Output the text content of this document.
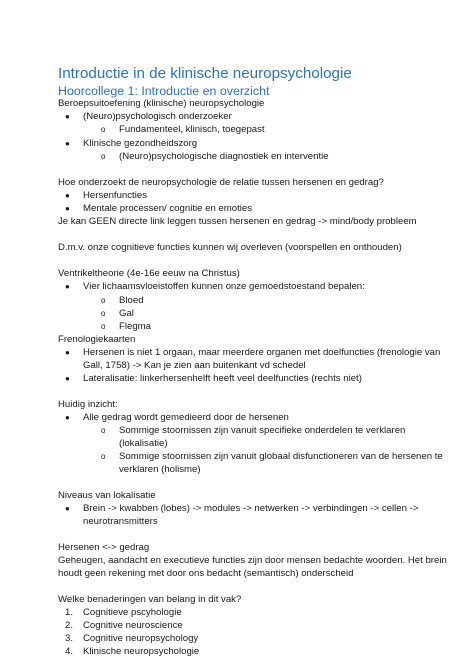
Introductie in de klinische neuropsychologie
Hoorcollege 1: Introductie en overzicht
Beroepsuitoefening (klinische) neuropsychologie
● (Neuro)psychologisch onderzoeker
o Fundamenteel, klinisch, toegepast
● Klinische gezondheidszorg
o (Neuro)psychologische diagnostiek en interventie
Hoe onderzoekt de neuropsychologie de relatie tussen hersenen en gedrag?
● Hersenfuncties
● Mentale processen/ cognitie en emoties
Je kan GEEN directe link leggen tussen hersenen en gedrag -> mind/body probleem
D.m.v. onze cognitieve functies kunnen wij overleven (voorspellen en onthouden)
Ventrikeltheorie (4e-16e eeuw na Christus)
● Vier lichaamsvloeistoffen kunnen onze gemoedstoestand bepalen:
o Bloed
o Gal
o Flegma
Frenologiekaarten
● Hersenen is niet 1 orgaan, maar meerdere organen met doelfuncties (frenologie van
Gall, 1758) -> Kan je zien aan buitenkant vd schedel
● Lateralisatie: linkerhersenhelft heeft veel deelfuncties (rechts niet)
Huidig inzicht:
● Alle gedrag wordt gemedieerd door de hersenen
o Sommige stoornissen zijn vanuit specifieke onderdelen te verklaren
(lokalisatie)
o Sommige stoornissen zijn vanuit globaal disfunctioneren van de hersenen te
verklaren (holisme)
Niveaus van lokalisatie
● Brein -> kwabben (lobes) -> modules -> netwerken -> verbindingen -> cellen ->
neurotransmitters
Hersenen <-> gedrag
Geheugen, aandacht en executieve functies zijn door mensen bedachte woorden. Het brein
houdt geen rekening met door ons bedacht (semantisch) onderscheid
Welke benaderingen van belang in dit vak?
1. Cognitieve pscyhologie
2. Cognitive neuroscience
3. Cognitive neuropsychology
4. Klinische neuropsychologie
